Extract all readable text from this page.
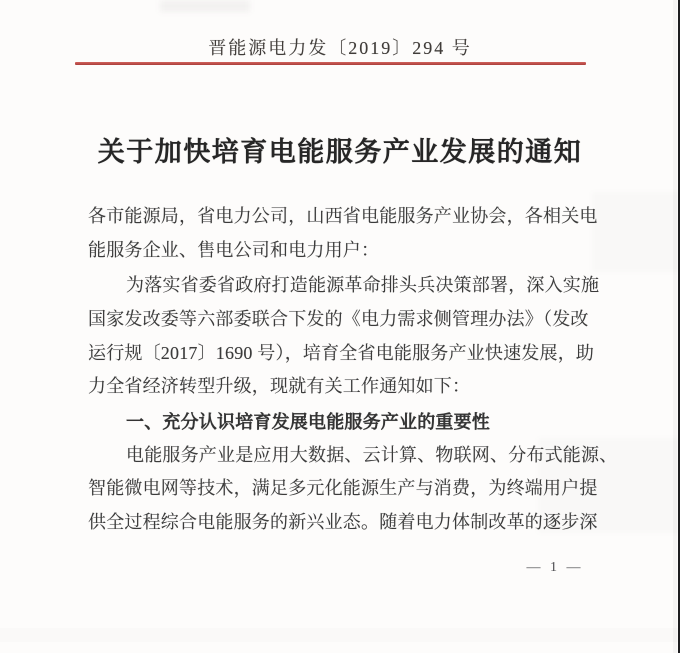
晋能源电力发〔2019〕294 号
关于加快培育电能服务产业发展的通知
各市能源局，省电力公司，山西省电能服务产业协会，各相关电
能服务企业、售电公司和电力用户：
为落实省委省政府打造能源革命排头兵决策部署，深入实施
国家发改委等六部委联合下发的《电力需求侧管理办法》（发改
运行规〔2017〕1690 号），培育全省电能服务产业快速发展，助
力全省经济转型升级，现就有关工作通知如下：
一、充分认识培育发展电能服务产业的重要性
电能服务产业是应用大数据、云计算、物联网、分布式能源、
智能微电网等技术，满足多元化能源生产与消费，为终端用户提
供全过程综合电能服务的新兴业态。随着电力体制改革的逐步深
— 1 —
